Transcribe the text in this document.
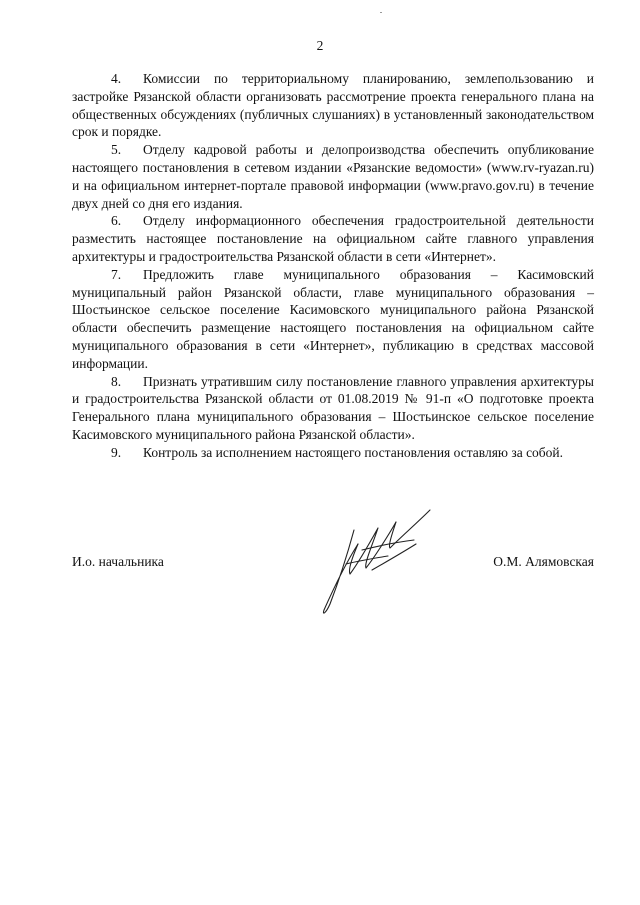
2

4. Комиссии по территориальному планированию, землепользованию и застройке Рязанской области организовать рассмотрение проекта генерального плана на общественных обсуждениях (публичных слушаниях) в установленный законодательством срок и порядке.

5. Отделу кадровой работы и делопроизводства обеспечить опубликование настоящего постановления в сетевом издании «Рязанские ведомости» (www.rv-ryazan.ru) и на официальном интернет-портале правовой информации (www.pravo.gov.ru) в течение двух дней со дня его издания.

6. Отделу информационного обеспечения градостроительной деятельности разместить настоящее постановление на официальном сайте главного управления архитектуры и градостроительства Рязанской области в сети «Интернет».

7. Предложить главе муниципального образования – Касимовский муниципальный район Рязанской области, главе муниципального образования – Шостьинское сельское поселение Касимовского муниципального района Рязанской области обеспечить размещение настоящего постановления на официальном сайте муниципального образования в сети «Интернет», публикацию в средствах массовой информации.

8. Признать утратившим силу постановление главного управления архитектуры и градостроительства Рязанской области от 01.08.2019 № 91-п «О подготовке проекта Генерального плана муниципального образования – Шостьинское сельское поселение Касимовского муниципального района Рязанской области».

9. Контроль за исполнением настоящего постановления оставляю за собой.

И.о. начальника	О.М. Алямовская
